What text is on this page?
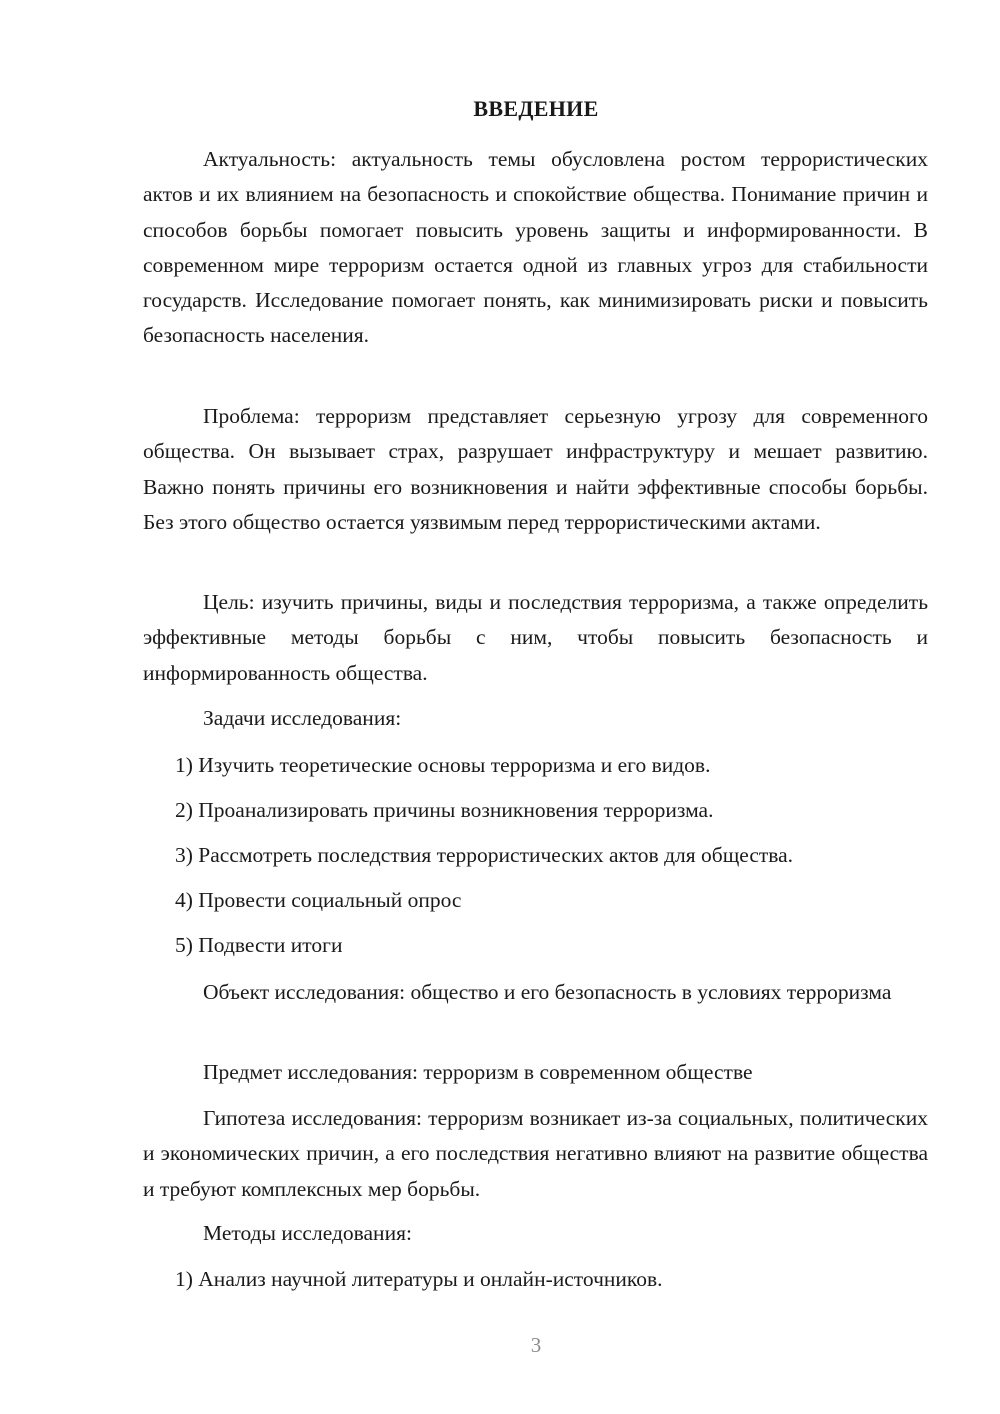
ВВЕДЕНИЕ

Актуальность: актуальность темы обусловлена ростом террористических актов и их влиянием на безопасность и спокойствие общества. Понимание причин и способов борьбы помогает повысить уровень защиты и информированности. В современном мире терроризм остается одной из главных угроз для стабильности государств. Исследование помогает понять, как минимизировать риски и повысить безопасность населения.

Проблема: терроризм представляет серьезную угрозу для современного общества. Он вызывает страх, разрушает инфраструктуру и мешает развитию. Важно понять причины его возникновения и найти эффективные способы борьбы. Без этого общество остается уязвимым перед террористическими актами.

Цель: изучить причины, виды и последствия терроризма, а также определить эффективные методы борьбы с ним, чтобы повысить безопасность и информированность общества.

Задачи исследования:
1) Изучить теоретические основы терроризма и его видов.
2) Проанализировать причины возникновения терроризма.
3) Рассмотреть последствия террористических актов для общества.
4) Провести социальный опрос
5) Подвести итоги

Объект исследования: общество и его безопасность в условиях терроризма

Предмет исследования: терроризм в современном обществе

Гипотеза исследования: терроризм возникает из-за социальных, политических и экономических причин, а его последствия негативно влияют на развитие общества и требуют комплексных мер борьбы.

Методы исследования:
1) Анализ научной литературы и онлайн-источников.
3
